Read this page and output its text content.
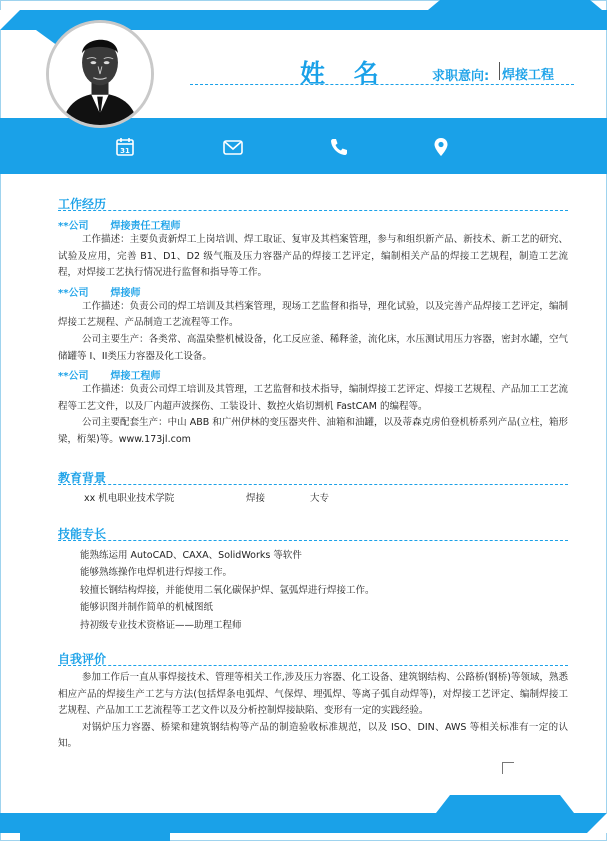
姓 名	求职意向: 焊接工程
31
工作经历
**公司 焊接责任工程师

工作描述：主要负责新焊工上岗培训、焊工取证、复审及其档案管理，参与和组织新产品、新技术、新工艺的研究、试验及应用，完善 B1、D1、D2 级气瓶及压力容器产品的焊接工艺评定，编制相关产品的焊接工艺规程，制造工艺流程，对焊接工艺执行情况进行监督和指导等工作。

**公司 焊接师

工作描述：负责公司的焊工培训及其档案管理，现场工艺监督和指导，理化试验，以及完善产品焊接工艺评定，编制焊接工艺规程、产品制造工艺流程等工作。

公司主要生产：各类常、高温染整机械设备，化工反应釜、稀释釜，流化床，水压测试用压力容器，密封水罐，空气储罐等 I、II类压力容器及化工设备。

**公司 焊接工程师

工作描述：负责公司焊工培训及其管理，工艺监督和技术指导，编制焊接工艺评定、焊接工艺规程、产品加工工艺流程等工艺文件，以及厂内超声波探伤、工装设计、数控火焰切割机 FastCAM 的编程等。

公司主要配套生产：中山 ABB 和广州伊林的变压器夹件、油箱和油罐，以及蒂森克虏伯登机桥系列产品(立柱，箱形梁，桁架)等。www.173jl.com

教育背景
xx 机电职业技术学院	焊接	大专
技能专长
能熟练运用 AutoCAD、CAXA、SolidWorks 等软件
能够熟练操作电焊机进行焊接工作。
较擅长钢结构焊接，并能使用二氧化碳保护焊、氩弧焊进行焊接工作。
能够识图并制作简单的机械图纸
持初级专业技术资格证——助理工程师
自我评价

参加工作后一直从事焊接技术、管理等相关工作,涉及压力容器、化工设备、建筑钢结构、公路桥(钢桥)等领域，熟悉相应产品的焊接生产工艺与方法(包括焊条电弧焊、气保焊、埋弧焊、等离子弧自动焊等)，对焊接工艺评定、编制焊接工艺规程、产品加工工艺流程等工艺文件以及分析控制焊接缺陷、变形有一定的实践经验。

对锅炉压力容器、桥梁和建筑钢结构等产品的制造验收标准规范，以及 ISO、DIN、AWS 等相关标准有一定的认知。
